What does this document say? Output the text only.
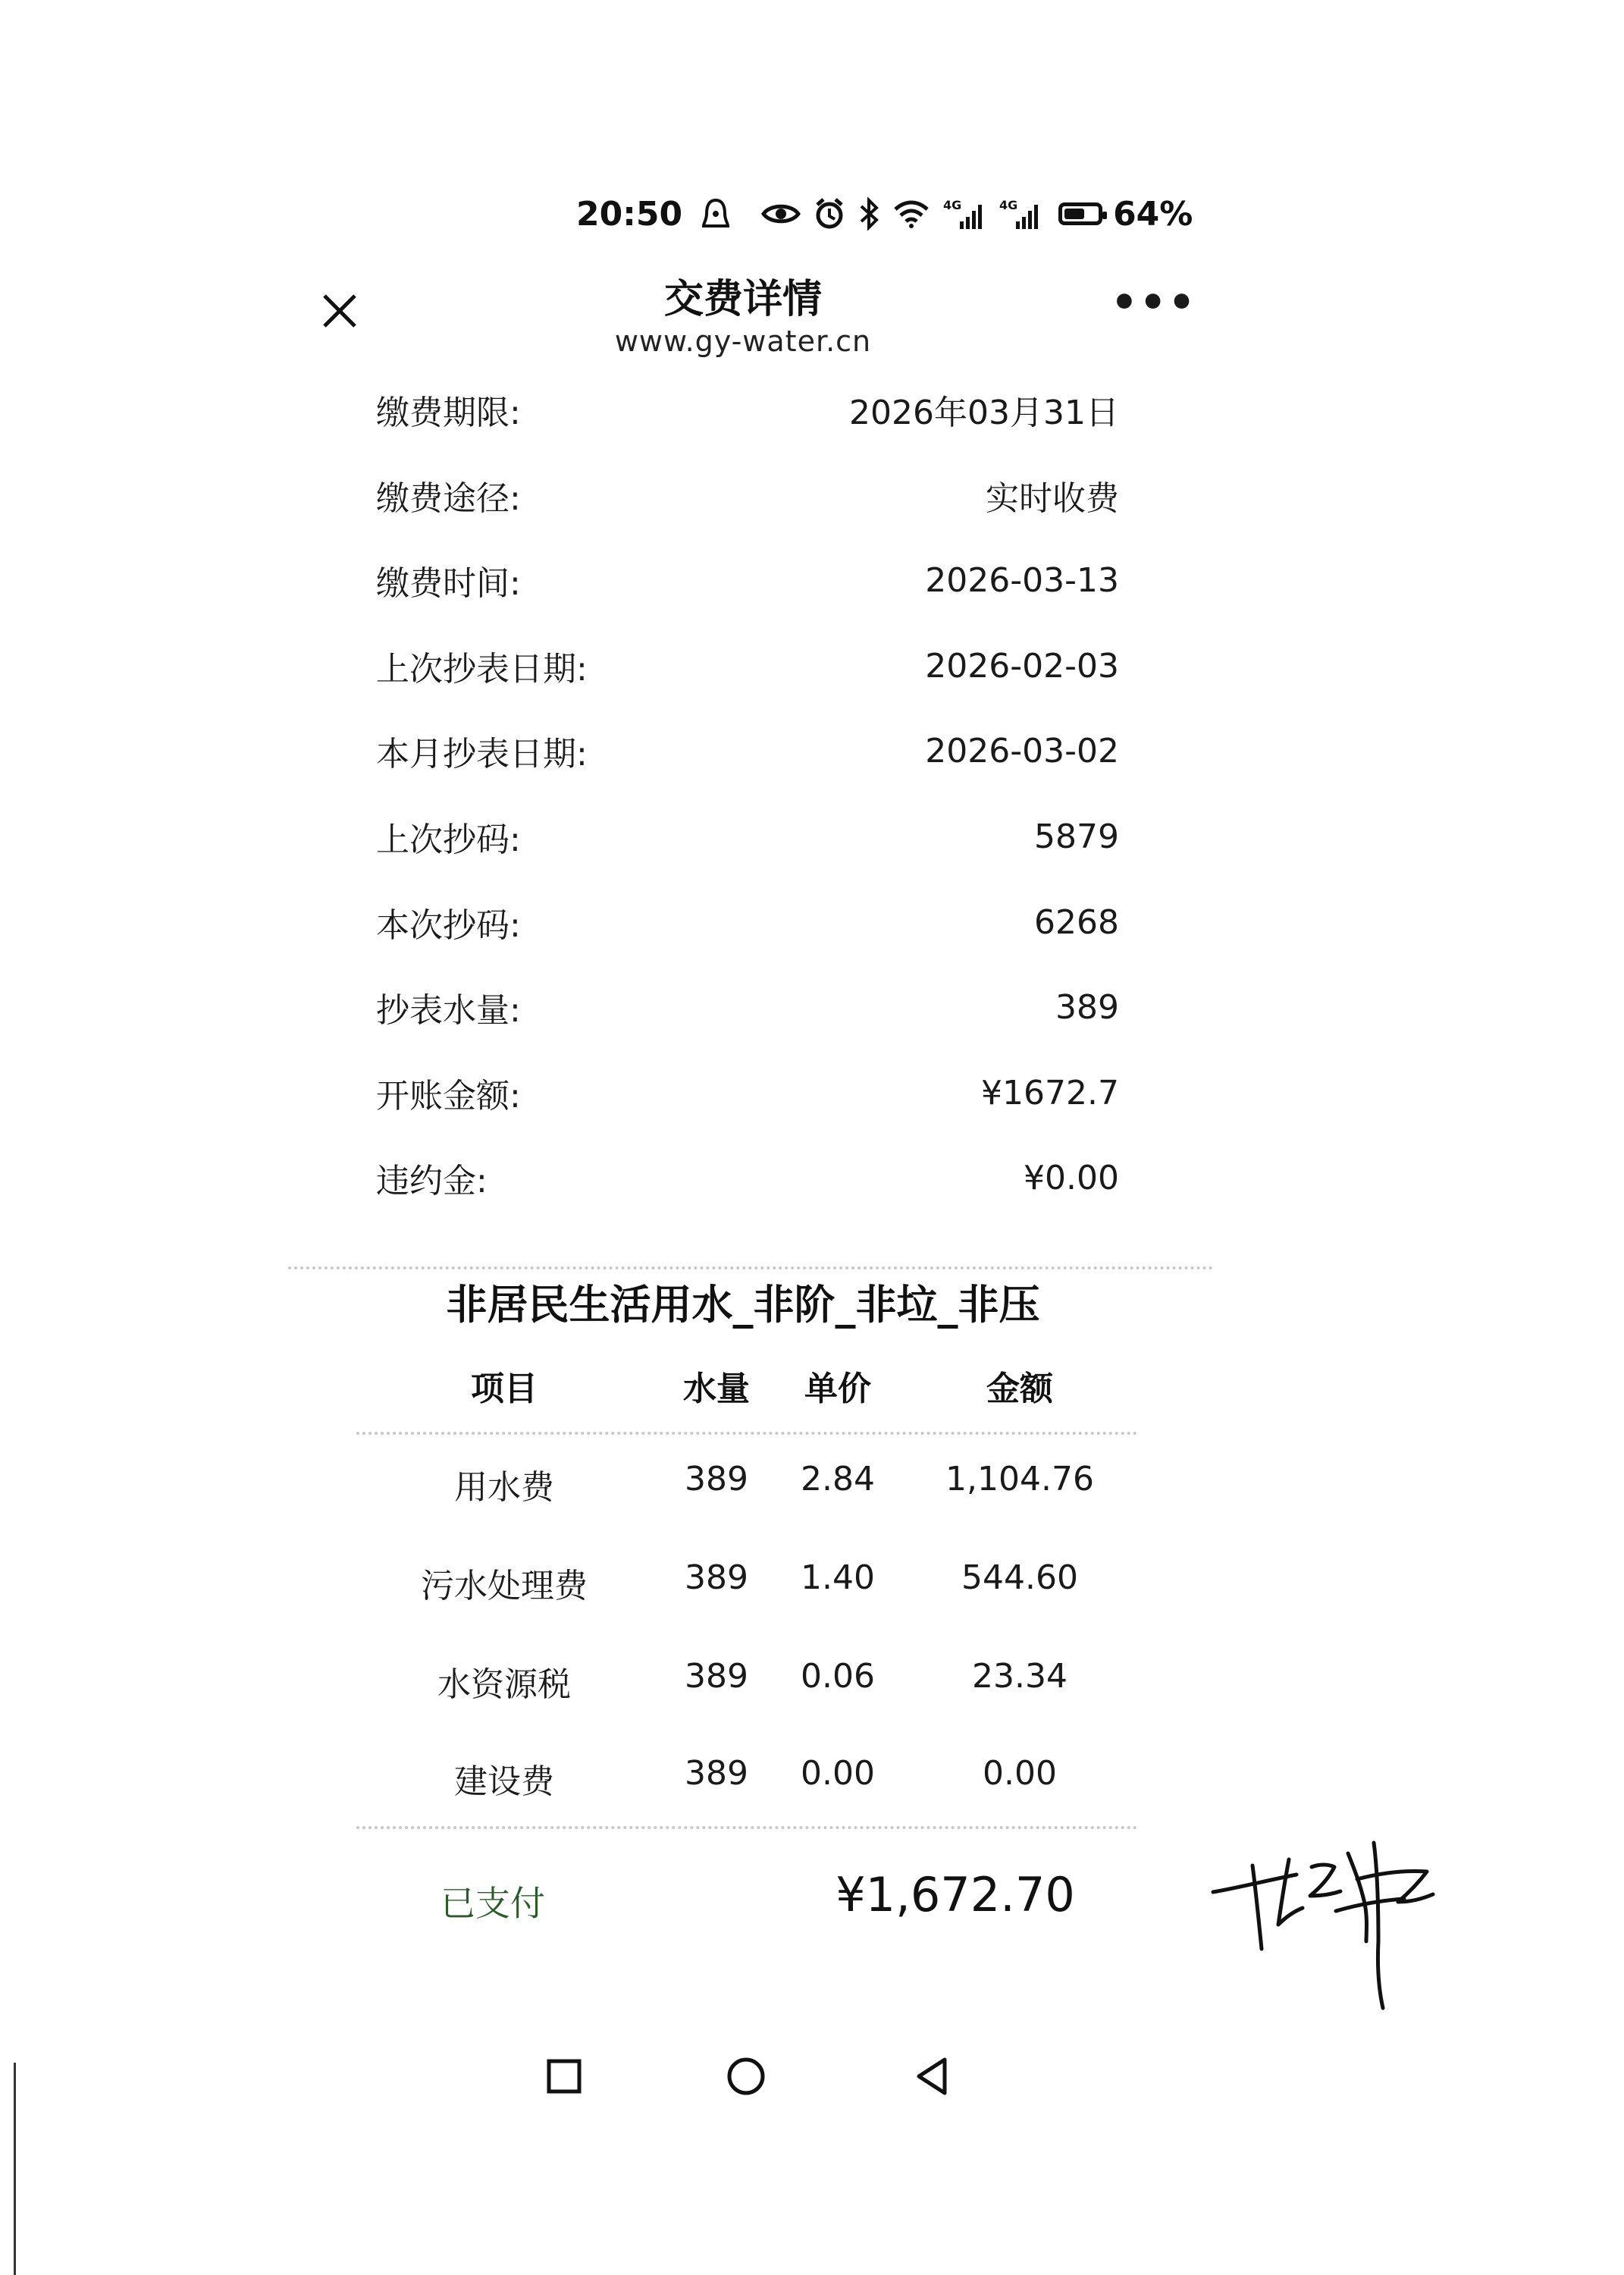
20:50	4G	4G	64%
交费详情
www.gy-water.cn
•••
缴费期限:	2026年03月31日
缴费途径:	实时收费
缴费时间:	2026-03-13
上次抄表日期:	2026-02-03
本月抄表日期:	2026-03-02
上次抄码:	5879
本次抄码:	6268
抄表水量:	389
开账金额:	¥1672.7
违约金:	¥0.00
非居民生活用水_非阶_非垃_非压
项目	水量	单价	金额
用水费	389	2.84	1,104.76
污水处理费	389	1.40	544.60
水资源税	389	0.06	23.34
建设费	389	0.00	0.00
已支付	¥1,672.70
